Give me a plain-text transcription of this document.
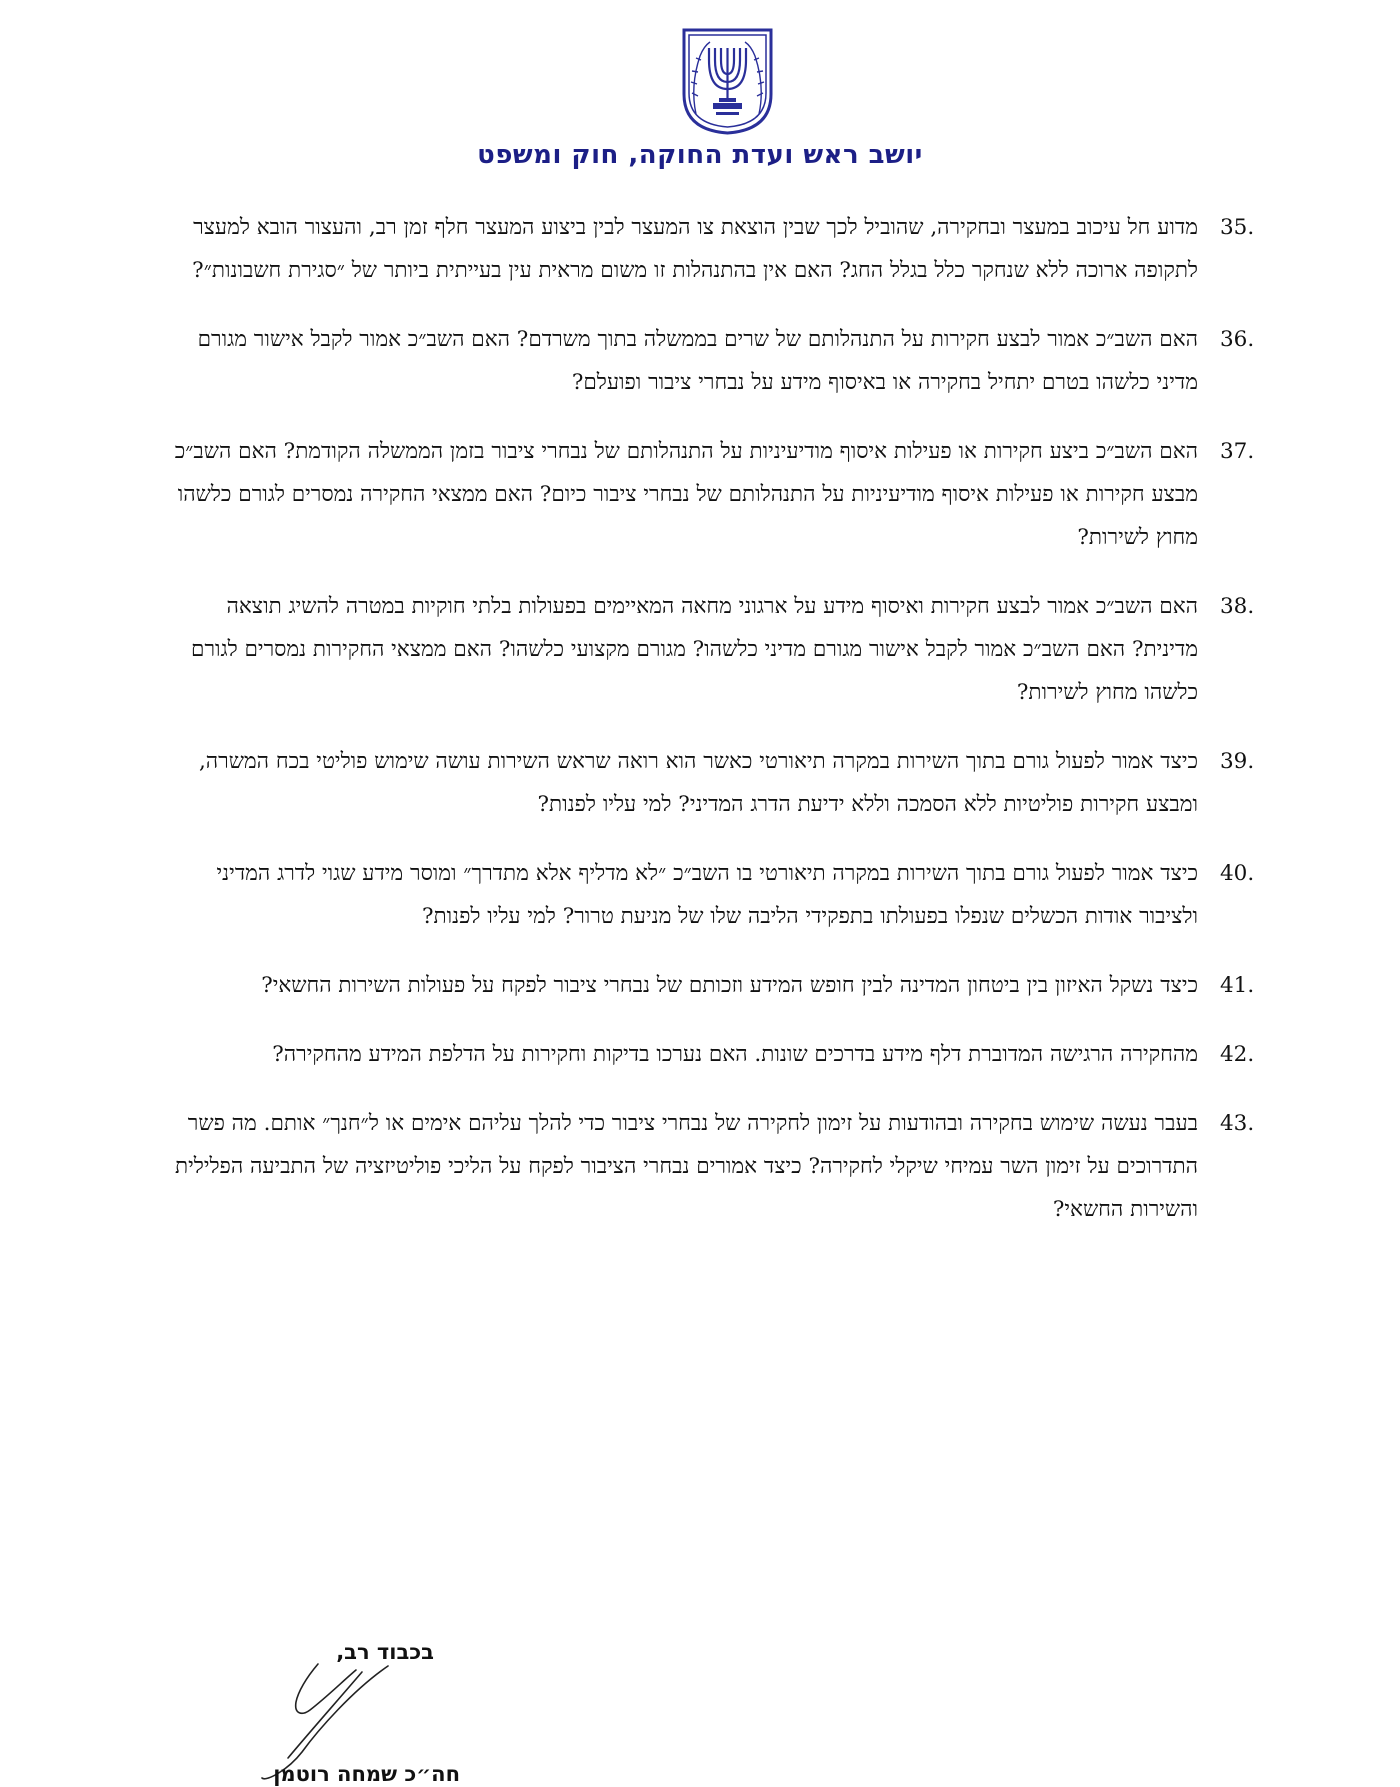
יושב ראש ועדת החוקה, חוק ומשפט
35.

מדוע חל עיכוב במעצר ובחקירה, שהוביל לכך שבין הוצאת צו המעצר לבין ביצוע המעצר חלף זמן רב, והעצור הובא למעצר לתקופה ארוכה ללא שנחקר כלל בגלל החג? האם אין בהתנהלות זו משום מראית עין בעייתית ביותר של ״סגירת חשבונות״?

36.

האם השב״כ אמור לבצע חקירות על התנהלותם של שרים בממשלה בתוך משרדם? האם השב״כ אמור לקבל אישור מגורם מדיני כלשהו בטרם יתחיל בחקירה או באיסוף מידע על נבחרי ציבור ופועלם?

37.

האם השב״כ ביצע חקירות או פעילות איסוף מודיעיניות על התנהלותם של נבחרי ציבור בזמן הממשלה הקודמת? האם השב״כ מבצע חקירות או פעילות איסוף מודיעיניות על התנהלותם של נבחרי ציבור כיום? האם ממצאי החקירה נמסרים לגורם כלשהו מחוץ לשירות?

38.

האם השב״כ אמור לבצע חקירות ואיסוף מידע על ארגוני מחאה המאיימים בפעולות בלתי חוקיות במטרה להשיג תוצאה מדינית? האם השב״כ אמור לקבל אישור מגורם מדיני כלשהו? מגורם מקצועי כלשהו? האם ממצאי החקירות נמסרים לגורם כלשהו מחוץ לשירות?

39.

כיצד אמור לפעול גורם בתוך השירות במקרה תיאורטי כאשר הוא רואה שראש השירות עושה שימוש פוליטי בכח המשרה, ומבצע חקירות פוליטיות ללא הסמכה וללא ידיעת הדרג המדיני? למי עליו לפנות?

40.

כיצד אמור לפעול גורם בתוך השירות במקרה תיאורטי בו השב״כ ״לא מדליף אלא מתדרך״ ומוסר מידע שגוי לדרג המדיני ולציבור אודות הכשלים שנפלו בפעולתו בתפקידי הליבה שלו של מניעת טרור? למי עליו לפנות?

41.

כיצד נשקל האיזון בין ביטחון המדינה לבין חופש המידע וזכותם של נבחרי ציבור לפקח על פעולות השירות החשאי?

42.

מהחקירה הרגישה המדוברת דלף מידע בדרכים שונות. האם נערכו בדיקות וחקירות על הדלפת המידע מהחקירה?

43.

בעבר נעשה שימוש בחקירה ובהודעות על זימון לחקירה של נבחרי ציבור כדי להלך עליהם אימים או ל״חנך״ אותם. מה פשר התדרוכים על זימון השר עמיחי שיקלי לחקירה? כיצד אמורים נבחרי הציבור לפקח על הליכי פוליטיזציה של התביעה הפלילית והשירות החשאי?

בכבוד רב,
חה״כ שמחה רוטמן
